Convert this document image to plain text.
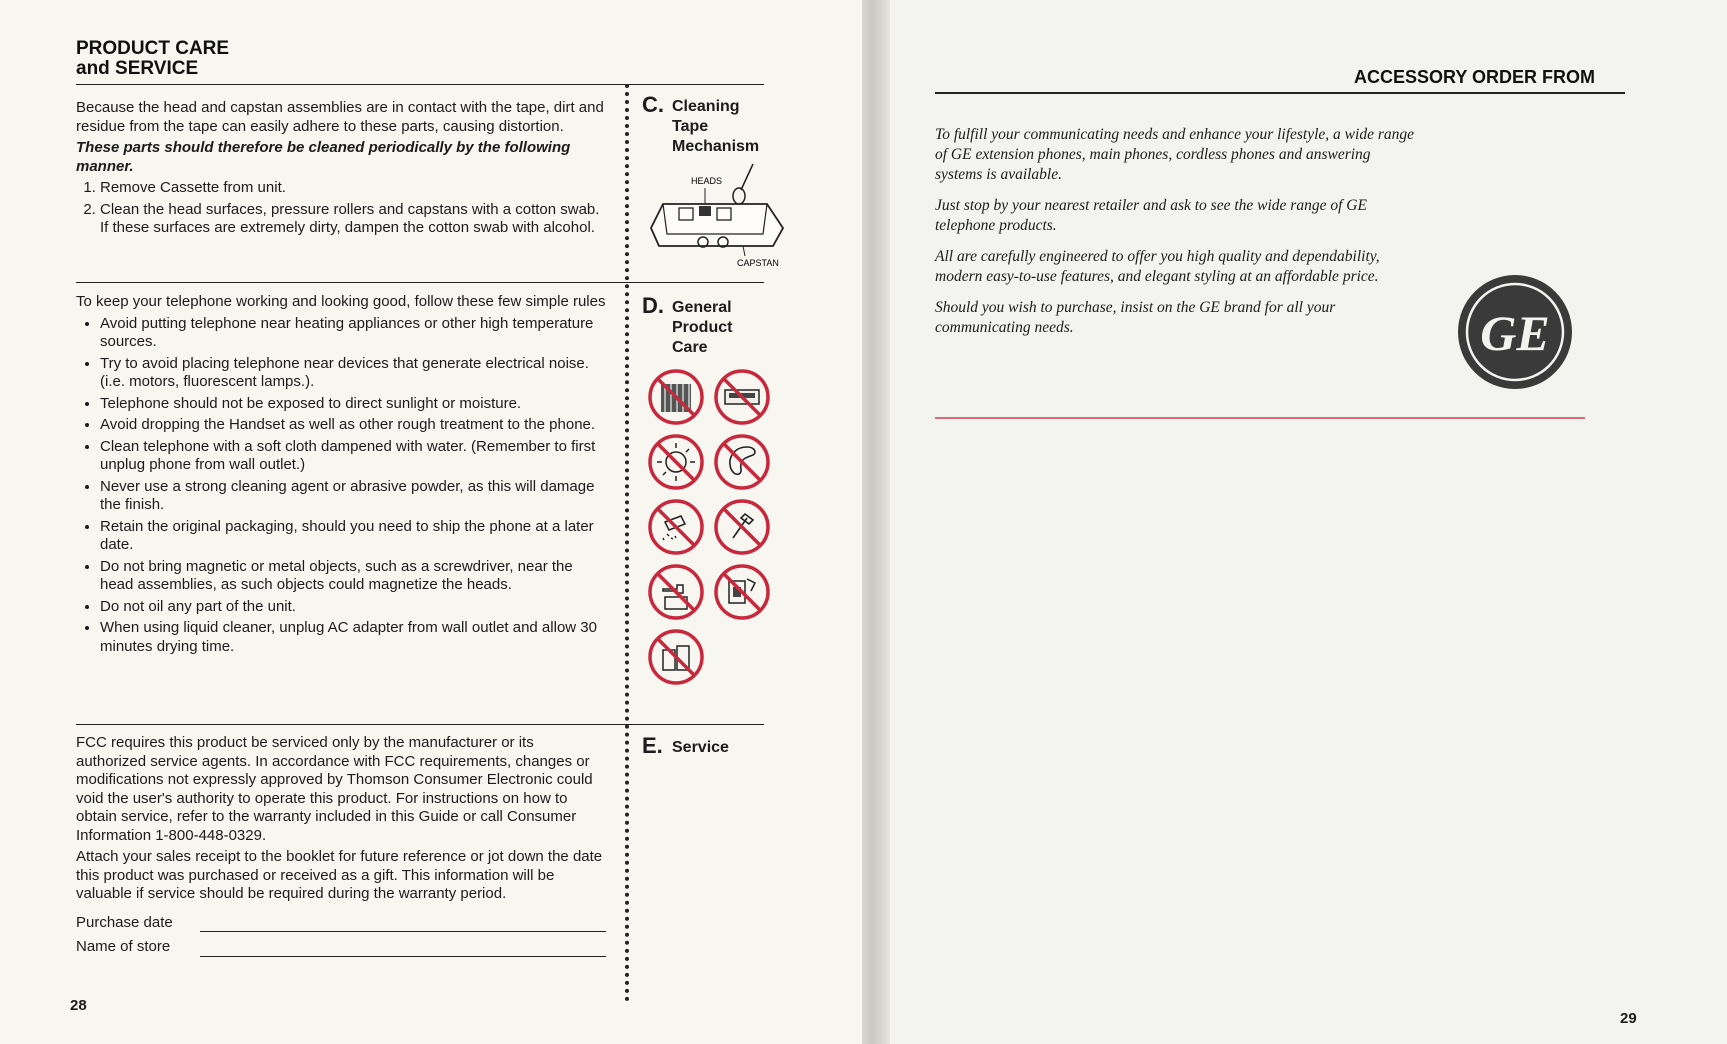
PRODUCT CARE
and SERVICE

Because the head and capstan assemblies are in contact with the tape, dirt and residue from the tape can easily adhere to these parts, causing distortion.

These parts should therefore be cleaned periodically by the following manner.

1. Remove Cassette from unit.
2. Clean the head surfaces, pressure rollers and capstans with a cotton swab. If these surfaces are extremely dirty, dampen the cotton swab with alcohol.

To keep your telephone working and looking good, follow these few simple rules

• Avoid putting telephone near heating appliances or other high temperature sources.
• Try to avoid placing telephone near devices that generate electrical noise. (i.e. motors, fluorescent lamps.).
• Telephone should not be exposed to direct sunlight or moisture.
• Avoid dropping the Handset as well as other rough treatment to the phone.
• Clean telephone with a soft cloth dampened with water. (Remember to first unplug phone from wall outlet.)
• Never use a strong cleaning agent or abrasive powder, as this will damage the finish.
• Retain the original packaging, should you need to ship the phone at a later date.
• Do not bring magnetic or metal objects, such as a screwdriver, near the head assemblies, as such objects could magnetize the heads.
• Do not oil any part of the unit.
• When using liquid cleaner, unplug AC adapter from wall outlet and allow 30 minutes drying time.

FCC requires this product be serviced only by the manufacturer or its authorized service agents. In accordance with FCC requirements, changes or modifications not expressly approved by Thomson Consumer Electronic could void the user's authority to operate this product. For instructions on how to obtain service, refer to the warranty included in this Guide or call Consumer Information 1-800-448-0329.

Attach your sales receipt to the booklet for future reference or jot down the date this product was purchased or received as a gift. This information will be valuable if service should be required during the warranty period.

Purchase date
Name of store
C. Cleaning
Tape
Mechanism
HEADS
CAPSTAN
D. General
Product
Care
E. Service
28
ACCESSORY ORDER FROM

To fulfill your communicating needs and enhance your lifestyle, a wide range of GE extension phones, main phones, cordless phones and answering systems is available.

Just stop by your nearest retailer and ask to see the wide range of GE telephone products.

All are carefully engineered to offer you high quality and dependability, modern easy-to-use features, and elegant styling at an affordable price.

Should you wish to purchase, insist on the GE brand for all your communicating needs.	GE
29
